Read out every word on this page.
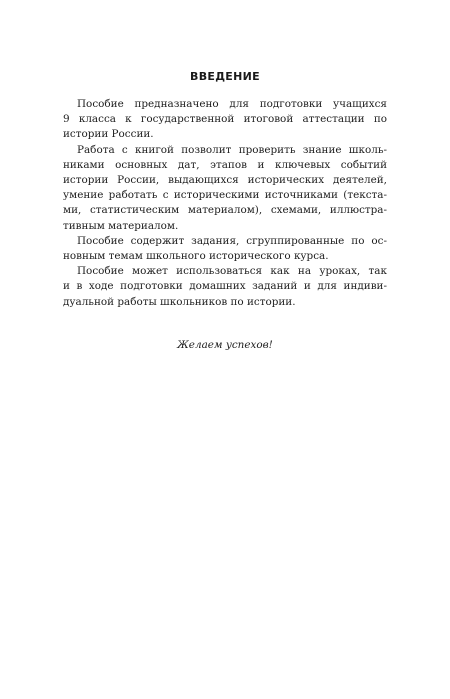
ВВЕДЕНИЕ
Пособие предназначено для подготовки учащихся
9 класса к государственной итоговой аттестации по
истории России.
Работа с книгой позволит проверить знание школь-
никами основных дат, этапов и ключевых событий
истории России, выдающихся исторических деятелей,
умение работать с историческими источниками (текста-
ми, статистическим материалом), схемами, иллюстра-
тивным материалом.
Пособие содержит задания, сгруппированные по ос-
новным темам школьного исторического курса.
Пособие может использоваться как на уроках, так
и в ходе подготовки домашних заданий и для индиви-
дуальной работы школьников по истории.
Желаем успехов!
